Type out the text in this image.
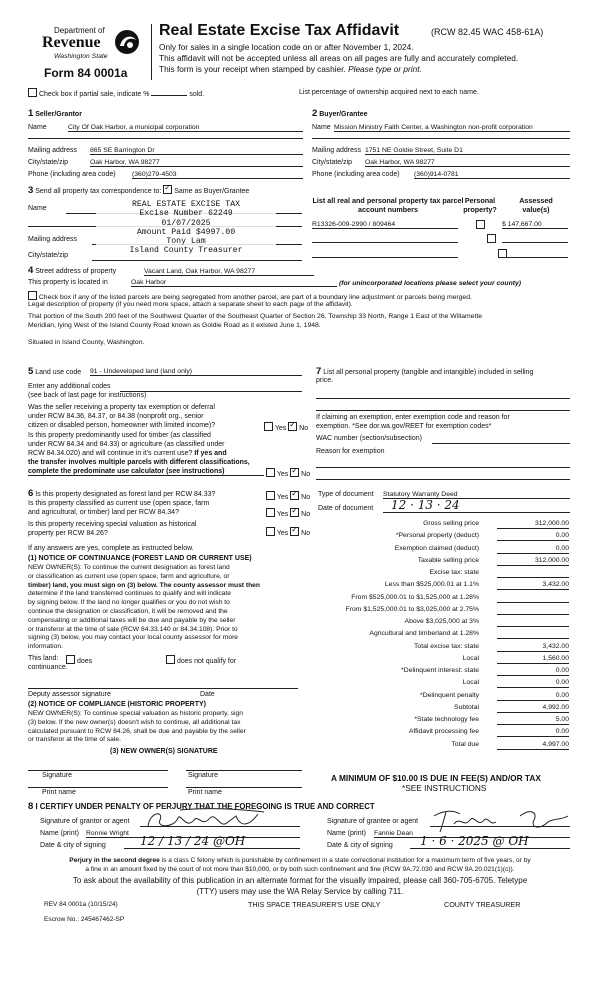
Department of
Revenue
Washington State
Form 84 0001a
Real Estate Excise Tax Affidavit	(RCW 82.45 WAC 458-61A)
Only for sales in a single location code on or after November 1, 2024.
This affidavit will not be accepted unless all areas on all pages are fully and accurately completed.
This form is your receipt when stamped by cashier. Please type or print.
Check box if partial sale, indicate %	sold.	List percentage of ownership acquired next to each name.
1 Seller/Grantor
Name	City Of Oak Harbor, a municipal corporation
Mailing address 865 SE Barrington Dr
City/state/zip	Oak Harbor, WA 98277
Phone (including area code) (360)279-4503
2 Buyer/Grantee
Name Mission Ministry Faith Center, a Washington non-profit corporation
Mailing address 1751 NE Goldie Street, Suite D1
City/state/zip Oak Harbor, WA 98277
Phone (including area code) (360)914-0781
3 Send all property tax correspondence to: ✓ Same as Buyer/Grantee
Name
Mailing address
City/state/zip
REAL ESTATE EXCISE TAX
Excise Number 62249
01/07/2025
Amount Paid $4997.00
Tony Lam
Island County Treasurer
List all real and personal property tax parcel account numbers
Personal property?
Assessed value(s)
R13326-009-2990 / 809464
	$ 147,667.00

4 Street address of property	Vacant Land, Oak Harbor, WA 98277
This property is located in	Oak Harbor	(for unincorporated locations please select your county)
Check box if any of the listed parcels are being segregated from another parcel, are part of a boundary line adjustment or parcels being merged.
Legal description of property (if you need more space, attach a separate sheet to each page of the affidavit).
That portion of the South 200 feet of the Southwest Quarter of the Southeast Quarter of Section 26, Township 33 North, Range 1 East of the Willamette
Meridian, lying West of the Island County Road known as Goldie Road as it existed June 1, 1948.
Situated in Island County, Washington.
5 Land use code 91 - Undeveloped land (land only)
Enter any additional codes
(see back of last page for instructions)
Was the seller receiving a property tax exemption or deferral
under RCW 84.36, 84.37, or 84.38 (nonprofit org., senior
citizen or disabled person, homeowner with limited income)?	Yes ✓ No
Is this property predominantly used for timber (as classified
under RCW 84.34 and 84.33) or agriculture (as classified under
RCW 84.34.020) and will continue in it's current use? If yes and
the transfer involves multiple parcels with different classifications,
complete the predominate use calculator (see instructions)	Yes ✓ No
7 List all personal property (tangible and intangible) included in selling
price.
If claiming an exemption, enter exemption code and reason for
exemption. *See dor.wa.gov/REET for exemption codes*
WAC number (section/subsection)
Reason for exemption
6 Is this property designated as forest land per RCW 84.33?	Yes ✓ No
Is this property classified as current use (open space, farm
and agricultural, or timber) land per RCW 84.34?	Yes ✓ No
Is this property receiving special valuation as historical
property per RCW 84.26?	Yes ✓ No
If any answers are yes, complete as instructed below.
(1) NOTICE OF CONTINUANCE (FOREST LAND OR CURRENT USE)
NEW OWNER(S): To continue the current designation as forest land
or classification as current use (open space, farm and agriculture, or
timber) land, you must sign on (3) below. The county assessor must then
determine if the land transferred continues to qualify and will indicate
by signing below. If the land no longer qualifies or you do not wish to
continue the designation or classification, it will be removed and the
compensating or additional taxes will be due and payable by the seller
or transferor at the time of sale (RCW 84.33.140 or 84.34.108). Prior to
signing (3) below, you may contact your local county assessor for more
information.
This land:	does	does not qualify for
continuance.
Deputy assessor signature	Date
(2) NOTICE OF COMPLIANCE (HISTORIC PROPERTY)
NEW OWNER(S): To continue special valuation as historic property, sign
(3) below. If the new owner(s) doesn't wish to continue, all additional tax
calculated pursuant to RCW 84.26, shall be due and payable by the seller
or transferor at the time of sale.
(3) NEW OWNER(S) SIGNATURE
Signature	Signature
Print name	Print name
Type of document Statutory Warranty Deed
Date of document	12 · 13 · 24
Gross selling price	312,000.00
*Personal property (deduct)	0.00
Exemption claimed (deduct)	0.00
Taxable selling price	312,000.00
Excise tax: state
Less than $525,000.01 at 1.1%	3,432.00
From $525,000.01 to $1,525,000 at 1.28%
From $1,525,000.01 to $3,025,000 at 2.75%
Above $3,025,000 at 3%
Agricultural and timberland at 1.28%
Total excise tax: state	3,432.00
Local	1,560.00
*Delinquent interest: state	0.00
Local	0.00
*Delinquent penalty	0.00
Subtotal	4,992.00
*State technology fee	5.00
Affidavit processing fee	0.00
Total due	4,997.00
A MINIMUM OF $10.00 IS DUE IN FEE(S) AND/OR TAX
*SEE INSTRUCTIONS
8 I CERTIFY UNDER PENALTY OF PERJURY THAT THE FOREGOING IS TRUE AND CORRECT
Signature of grantor or agent
Name (print) Ronnie Wright
Date & city of signing	12 / 13 / 24 @OH
Signature of grantee or agent
Name (print) Fannie Dean
Date & city of signing	1 · 6 · 2025 @ OH
Perjury in the second degree is a class C felony which is punishable by confinement in a state correctional institution for a maximum term of five years, or by
a fine in an amount fixed by the court of not more than $10,000, or by both such confinement and fine (RCW 9A.72.030 and RCW 9A.20.021(1)(c)).
To ask about the availability of this publication in an alternate format for the visually impaired, please call 360-705-6705. Teletype
(TTY) users may use the WA Relay Service by calling 711.
REV 84 0001a (10/15/24)	THIS SPACE TREASURER'S USE ONLY	COUNTY TREASURER
Escrow No.: 245467462-SP
